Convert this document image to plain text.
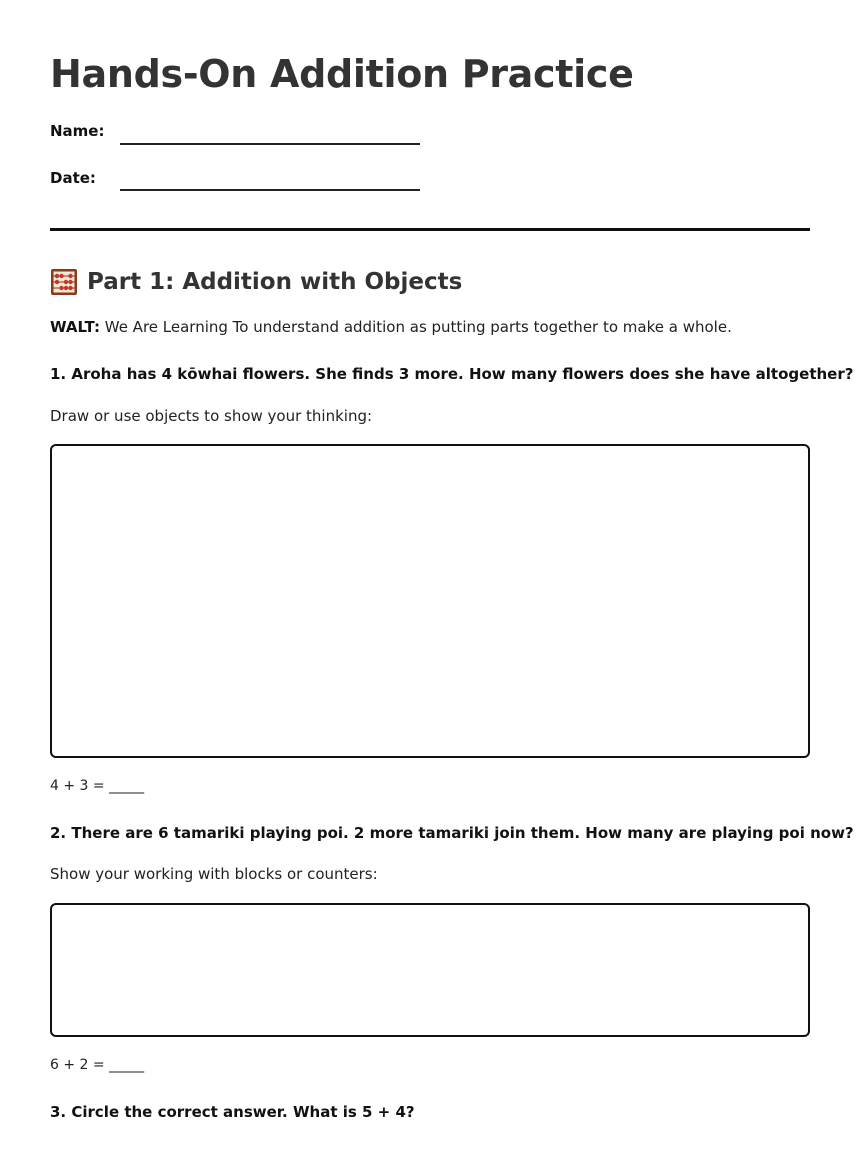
Hands-On Addition Practice
Name:
Date:
Part 1: Addition with Objects

WALT: We Are Learning To understand addition as putting parts together to make a whole.

1. Aroha has 4 kōwhai flowers. She finds 3 more. How many flowers does she have altogether?

Draw or use objects to show your thinking:

4 + 3 = _____

2. There are 6 tamariki playing poi. 2 more tamariki join them. How many are playing poi now?

Show your working with blocks or counters:

6 + 2 = _____

3. Circle the correct answer. What is 5 + 4?
